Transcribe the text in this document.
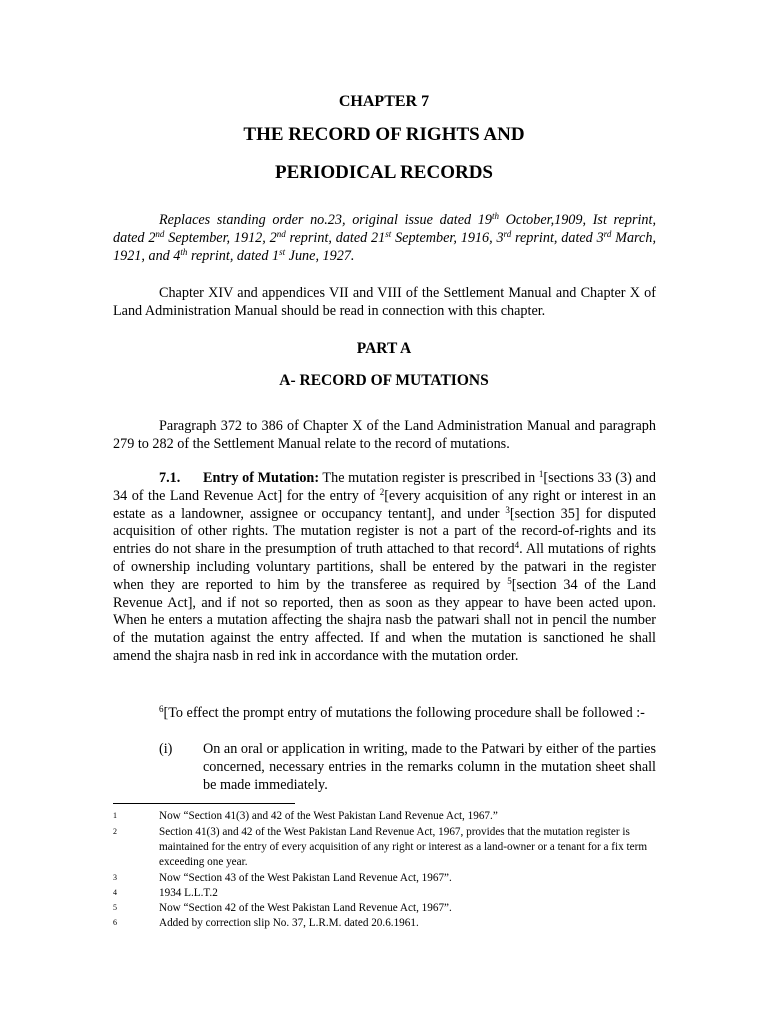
CHAPTER 7
THE RECORD OF RIGHTS AND
PERIODICAL RECORDS

Replaces standing order no.23, original issue dated 19th October,1909, Ist reprint, dated 2nd September, 1912, 2nd reprint, dated 21st September, 1916, 3rd reprint, dated 3rd March, 1921, and 4th reprint, dated 1st June, 1927.

Chapter XIV and appendices VII and VIII of the Settlement Manual and Chapter X of Land Administration Manual should be read in connection with this chapter.

PART A
A- RECORD OF MUTATIONS

Paragraph 372 to 386 of Chapter X of the Land Administration Manual and paragraph 279 to 282 of the Settlement Manual relate to the record of mutations.

7.1. Entry of Mutation: The mutation register is prescribed in $^1$[sections 33 (3) and 34 of the Land Revenue Act] for the entry of $^2$[every acquisition of any right or interest in an estate as a landowner, assignee or occupancy tentant], and under $^3$[section 35] for disputed acquisition of other rights. The mutation register is not a part of the record-of-rights and its entries do not share in the presumption of truth attached to that record$^4$. All mutations of rights of ownership including voluntary partitions, shall be entered by the patwari in the register when they are reported to him by the transferee as required by $^5$[section 34 of the Land Revenue Act], and if not so reported, then as soon as they appear to have been acted upon. When he enters a mutation affecting the shajra nasb the patwari shall not in pencil the number of the mutation against the entry affected. If and when the mutation is sanctioned he shall amend the shajra nasb in red ink in accordance with the mutation order.

$^6$[To effect the prompt entry of mutations the following procedure shall be followed :-

(i) On an oral or application in writing, made to the Patwari by either of the parties concerned, necessary entries in the remarks column in the mutation sheet shall be made immediately.
1	Now “Section 41(3) and 42 of the West Pakistan Land Revenue Act, 1967.”
2	Section 41(3) and 42 of the West Pakistan Land Revenue Act, 1967, provides that the mutation register is maintained for the entry of every acquisition of any right or interest as a land-owner or a tenant for a fix term exceeding one year.
3	Now “Section 43 of the West Pakistan Land Revenue Act, 1967”.
4	1934 L.L.T.2
5	Now “Section 42 of the West Pakistan Land Revenue Act, 1967”.
6	Added by correction slip No. 37, L.R.M. dated 20.6.1961.
